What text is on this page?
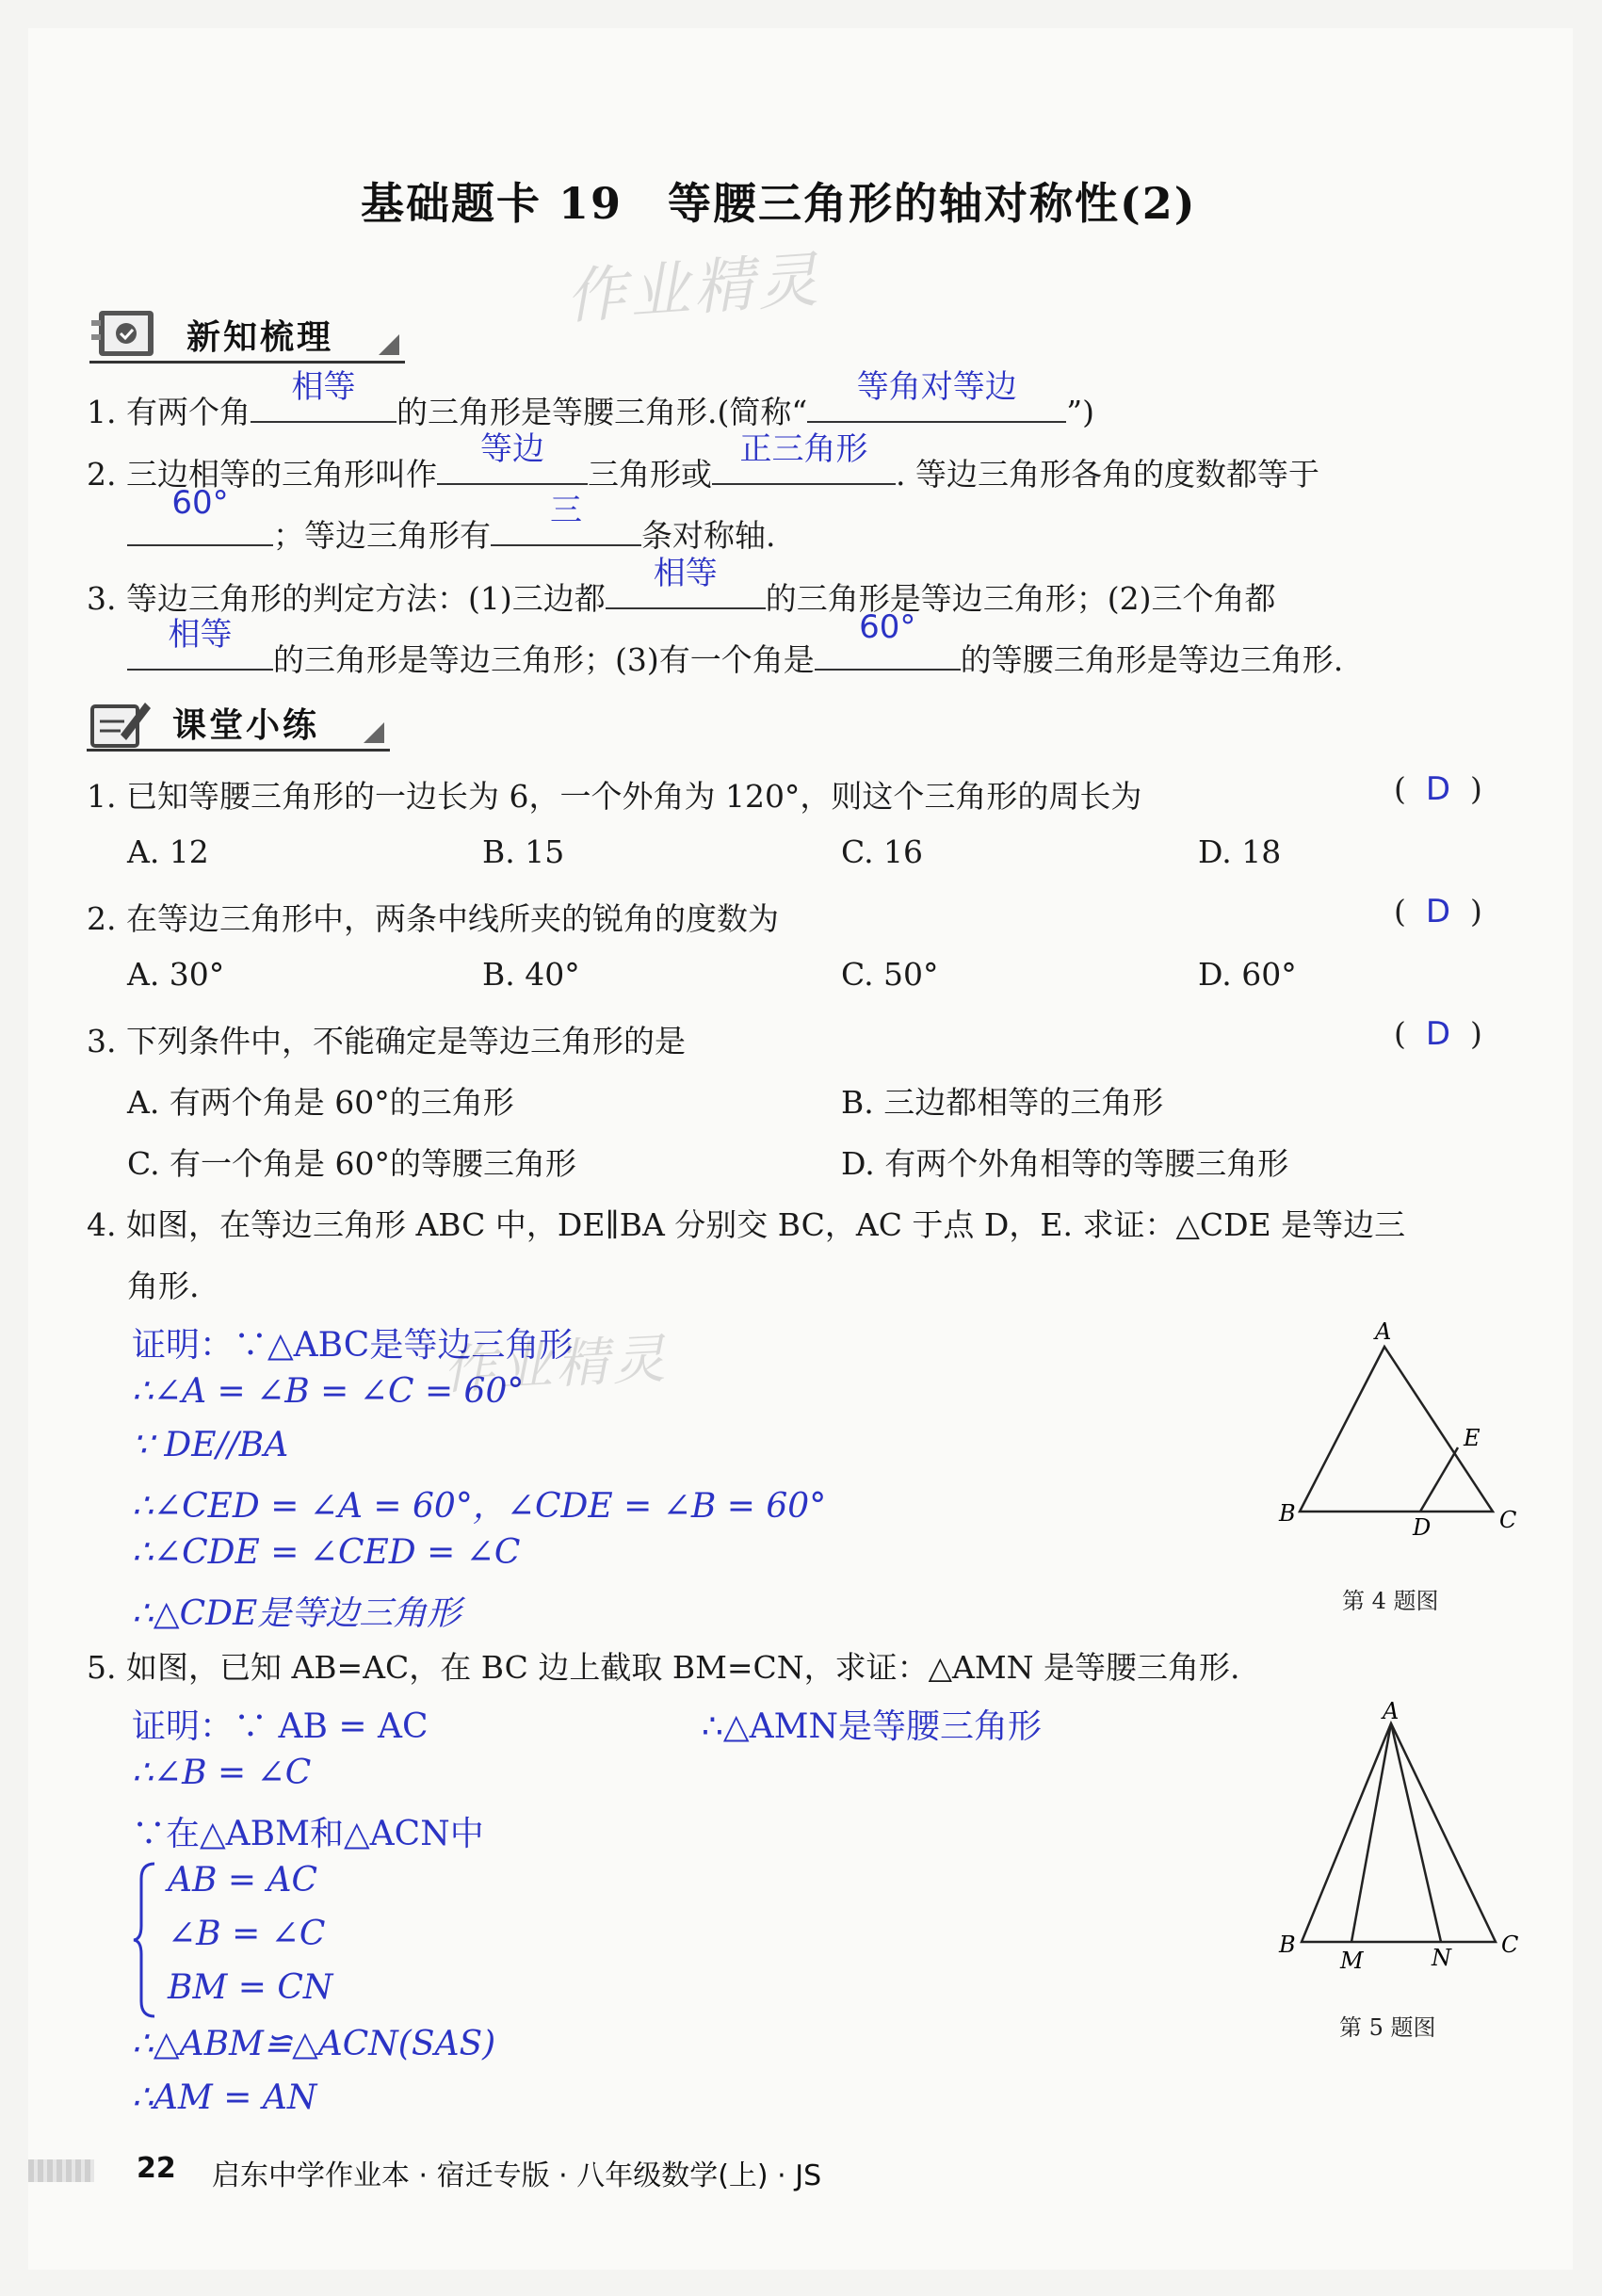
基础题卡 19　等腰三角形的轴对称性(2)
作业精灵
新知梳理
1. 有两个角
相等
的三角形是等腰三角形.(简称“
等角对等边
”)
2. 三边相等的三角形叫作
等边
三角形或
正三角形
. 等边三角形各角的度数都等于
60°
；等边三角形有
三
条对称轴.
3. 等边三角形的判定方法：(1)三边都
相等
的三角形是等边三角形；(2)三个角都
相等
的三角形是等边三角形；(3)有一个角是
60°
的等腰三角形是等边三角形.
课堂小练
1. 已知等腰三角形的一边长为 6，一个外角为 120°，则这个三角形的周长为	(  D  )
A. 12	B. 15	C. 16	D. 18
2. 在等边三角形中，两条中线所夹的锐角的度数为	(  D  )
A. 30°	B. 40°	C. 50°	D. 60°
3. 下列条件中，不能确定是等边三角形的是	(  D  )
A. 有两个角是 60°的三角形	B. 三边都相等的三角形
C. 有一个角是 60°的等腰三角形	D. 有两个外角相等的等腰三角形
4. 如图，在等边三角形 ABC 中，DE∥BA 分别交 BC，AC 于点 D，E. 求证：△CDE 是等边三
角形.
证明：∵△ABC是等边三角形
∴∠A = ∠B = ∠C = 60°
∵ DE//BA
∴∠CED = ∠A = 60°，∠CDE = ∠B = 60°
∴∠CDE = ∠CED = ∠C
∴△CDE是等边三角形
作业精灵	A
B	C
D
E
第 4 题图
5. 如图，已知 AB=AC，在 BC 边上截取 BM=CN，求证：△AMN 是等腰三角形.
证明：∵ AB = AC	∴△AMN是等腰三角形
∴∠B = ∠C
∵在△ABM和△ACN中
AB = AC
∠B = ∠C
BM = CN
∴△ABM≌△ACN(SAS)
∴AM = AN
A
B	C
M	N
第 5 题图
22 启东中学作业本 · 宿迁专版 · 八年级数学(上) · JS
